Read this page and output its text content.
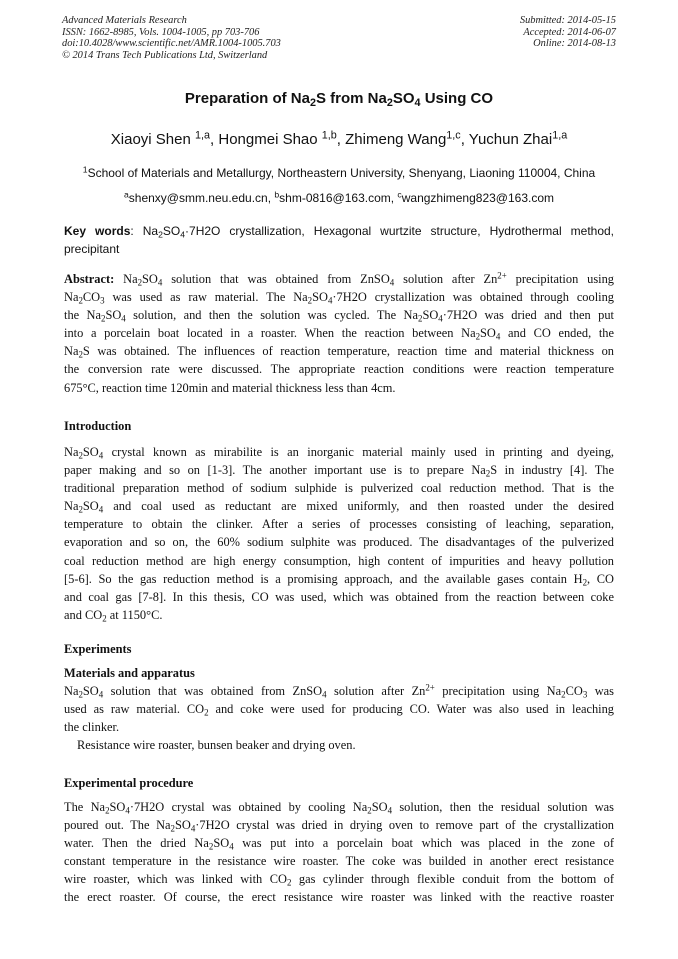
Advanced Materials Research
ISSN: 1662-8985, Vols. 1004-1005, pp 703-706
doi:10.4028/www.scientific.net/AMR.1004-1005.703
© 2014 Trans Tech Publications Ltd, Switzerland
Submitted: 2014-05-15
Accepted: 2014-06-07
Online: 2014-08-13
Preparation of $Na_2S$ from $Na_2SO_4$ Using CO
Xiaoyi Shen $^{1,a}$, Hongmei Shao $^{1,b}$, Zhimeng Wang$^{1,c}$, Yuchun Zhai$^{1,a}$
$^1$School of Materials and Metallurgy, Northeastern University, Shenyang, Liaoning 110004, China
$^a$shenxy@smm.neu.edu.cn, $^b$shm-0816@163.com, $^c$wangzhimeng823@163.com
Key words: $Na_2SO_4\cdot 7H2O$ crystallization, Hexagonal wurtzite structure, Hydrothermal method,
precipitant
Abstract: $Na_2SO_4$ solution that was obtained from ZnSO$_4$ solution after $Zn^{2+}$ precipitation using
$Na_2CO_3$ was used as raw material. The $Na_2SO_4\cdot 7H2O$ crystallization was obtained through cooling
the $Na_2SO_4$ solution, and then the solution was cycled. The $Na_2SO_4\cdot 7H2O$ was dried and then put
into a porcelain boat located in a roaster. When the reaction between $Na_2SO_4$ and CO ended, the
$Na_2S$ was obtained. The influences of reaction temperature, reaction time and material thickness on
the conversion rate were discussed. The appropriate reaction conditions were reaction temperature
675°C, reaction time 120min and material thickness less than 4cm.
Introduction
$Na_2SO_4$ crystal known as mirabilite is an inorganic material mainly used in printing and dyeing,
paper making and so on [1-3]. The another important use is to prepare $Na_2S$ in industry [4]. The
traditional preparation method of sodium sulphide is pulverized coal reduction method. That is the
$Na_2SO_4$ and coal used as reductant are mixed uniformly, and then roasted under the desired
temperature to obtain the clinker. After a series of processes consisting of leaching, separation,
evaporation and so on, the 60% sodium sulphite was produced. The disadvantages of the pulverized
coal reduction method are high energy consumption, high content of impurities and heavy pollution
[5-6]. So the gas reduction method is a promising approach, and the available gases contain $H_2$, CO
and coal gas [7-8]. In this thesis, CO was used, which was obtained from the reaction between coke
and $CO_2$ at 1150°C.
Experiments
Materials and apparatus
$Na_2SO_4$ solution that was obtained from ZnSO$_4$ solution after $Zn^{2+}$ precipitation using $Na_2CO_3$ was
used as raw material. $CO_2$ and coke were used for producing CO. Water was also used in leaching
the clinker.
Resistance wire roaster, bunsen beaker and drying oven.
Experimental procedure
The $Na_2SO_4\cdot 7H2O$ crystal was obtained by cooling $Na_2SO_4$ solution, then the residual solution was
poured out. The $Na_2SO_4\cdot 7H2O$ crystal was dried in drying oven to remove part of the crystallization
water. Then the dried $Na_2SO_4$ was put into a porcelain boat which was placed in the zone of
constant temperature in the resistance wire roaster. The coke was builded in another erect resistance
wire roaster, which was linked with $CO_2$ gas cylinder through flexible conduit from the bottom of
the erect roaster. Of course, the erect resistance wire roaster was linked with the reactive roaster
